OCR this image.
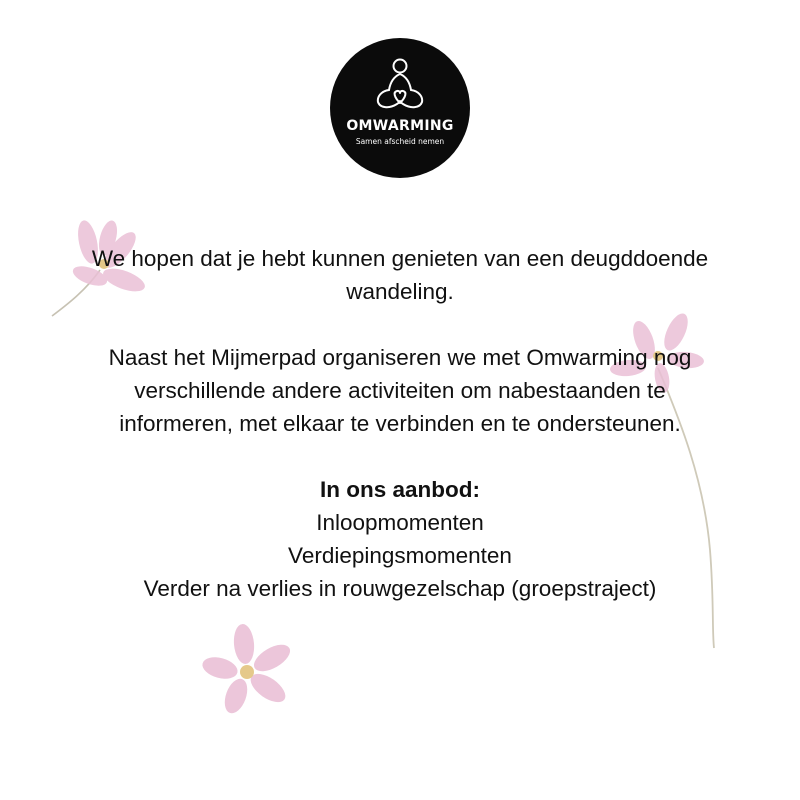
OMWARMING
Samen afscheid nemen

We hopen dat je hebt kunnen genieten van een deugddoende

wandeling.

Naast het Mijmerpad organiseren we met Omwarming nog

verschillende andere activiteiten om nabestaanden te

informeren, met elkaar te verbinden en te ondersteunen.

In ons aanbod:

Inloopmomenten

Verdiepingsmomenten

Verder na verlies in rouwgezelschap (groepstraject)
